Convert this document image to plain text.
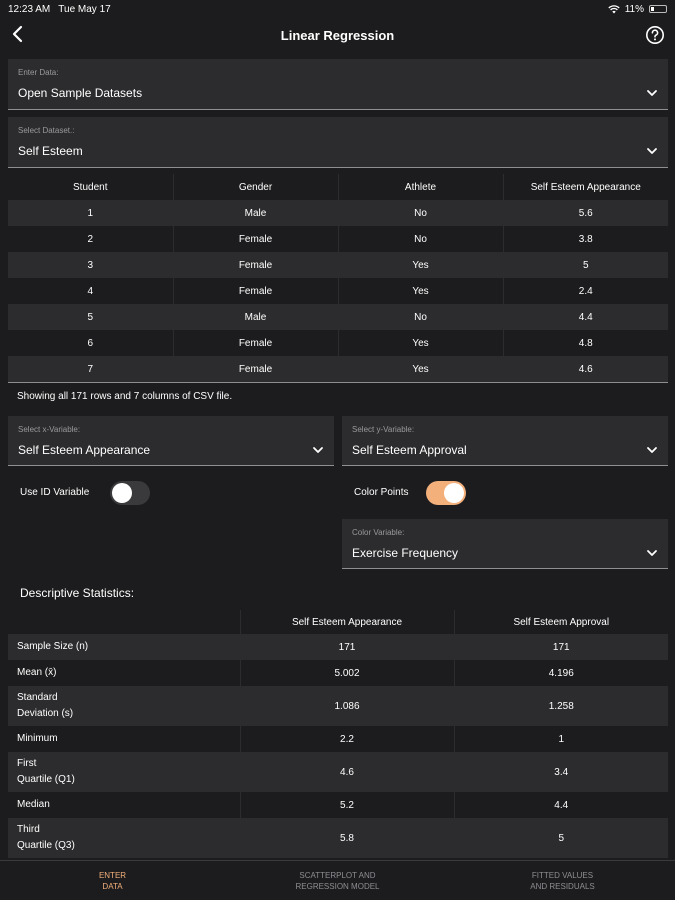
12:23 AM Tue May 17	11%
Linear Regression
Enter Data:
Open Sample Datasets
Select Dataset.:
Self Esteem
Student	Gender	Athlete	Self Esteem Appearance
1	Male	No	5.6
2	Female	No	3.8
3	Female	Yes	5
4	Female	Yes	2.4
5	Male	No	4.4
6	Female	Yes	4.8
7	Female	Yes	4.6
Showing all 171 rows and 7 columns of CSV file.
Select x-Variable:
Self Esteem Appearance
Select y-Variable:
Self Esteem Approval
Use ID Variable	Color Points
Color Variable:
Exercise Frequency
Descriptive Statistics:
	Self Esteem Appearance	Self Esteem Approval
Sample Size (n)	171	171
Mean (x̄)	5.002	4.196
Standard
Deviation (s)	1.086	1.258
Minimum	2.2	1
First
Quartile (Q1)	4.6	3.4
Median	5.2	4.4
Third
Quartile (Q3)	5.8	5
ENTER
DATA
SCATTERPLOT AND
REGRESSION MODEL
FITTED VALUES
AND RESIDUALS
